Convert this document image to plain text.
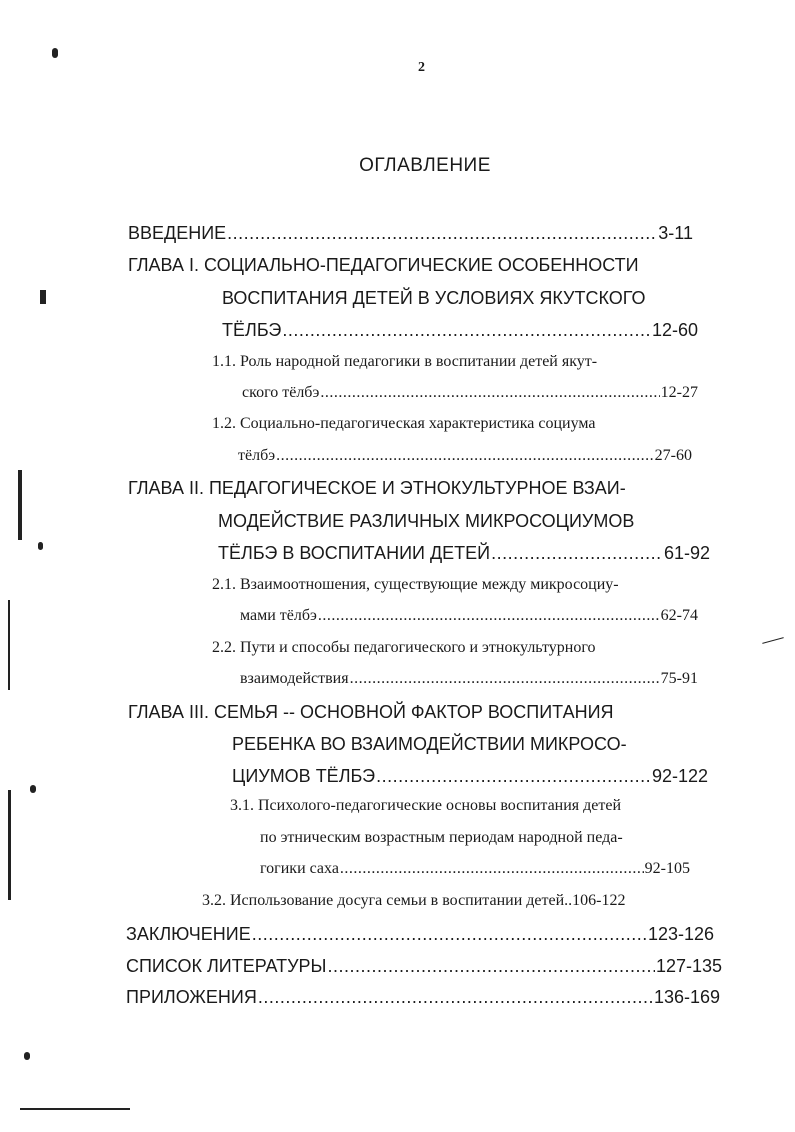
2
ОГЛАВЛЕНИЕ
ВВЕДЕНИЕ .....	3-11
ГЛАВА I. СОЦИАЛЬНО-ПЕДАГОГИЧЕСКИЕ ОСОБЕННОСТИ
ВОСПИТАНИЯ ДЕТЕЙ В УСЛОВИЯХ ЯКУТСКОГО
ТЁЛБЭ .....	12-60
1.1. Роль народной педагогики в воспитании детей якут-
ского тёлбэ .....	12-27
1.2. Социально-педагогическая характеристика социума
тёлбэ .....	27-60
ГЛАВА II. ПЕДАГОГИЧЕСКОЕ И ЭТНОКУЛЬТУРНОЕ ВЗАИ-
МОДЕЙСТВИЕ РАЗЛИЧНЫХ МИКРОСОЦИУМОВ
ТЁЛБЭ В ВОСПИТАНИИ ДЕТЕЙ .....	61-92
2.1. Взаимоотношения, существующие между микросоциу-
мами тёлбэ .....	62-74
2.2. Пути и способы педагогического и этнокультурного
взаимодействия .....	75-91
ГЛАВА III. СЕМЬЯ -- ОСНОВНОЙ ФАКТОР ВОСПИТАНИЯ
РЕБЕНКА ВО ВЗАИМОДЕЙСТВИИ МИКРОСО-
ЦИУМОВ ТЁЛБЭ .....	92-122
3.1. Психолого-педагогические основы воспитания детей
по этническим возрастным периодам народной педа-
гогики саха .....	92-105
3.2. Использование досуга семьи в воспитании детей..106-122
ЗАКЛЮЧЕНИЕ .....	123-126
СПИСОК ЛИТЕРАТУРЫ .....	127-135
ПРИЛОЖЕНИЯ .....	136-169
